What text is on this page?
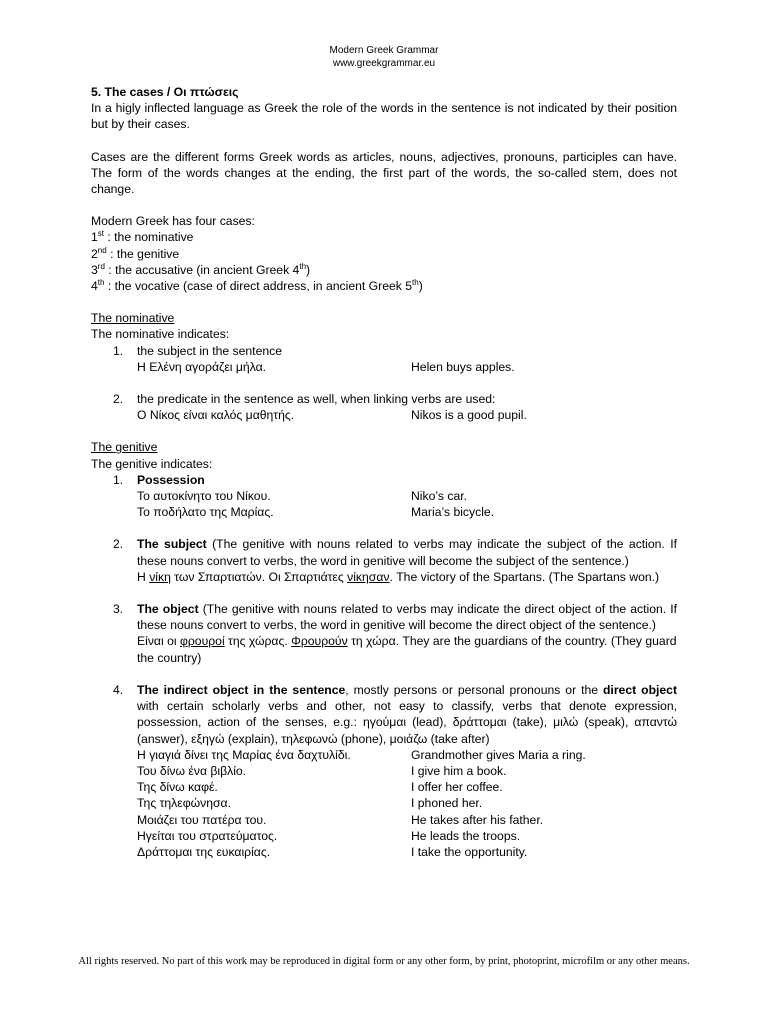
Modern Greek Grammar
www.greekgrammar.eu

5. The cases / Οι πτώσεις

In a higly inflected language as Greek the role of the words in the sentence is not indicated by their position but by their cases.

Cases are the different forms Greek words as articles, nouns, adjectives, pronouns, participles can have. The form of the words changes at the ending, the first part of the words, the so-called stem, does not change.

Modern Greek has four cases:

1st : the nominative

2nd : the genitive

3rd : the accusative (in ancient Greek 4th)

4th : the vocative (case of direct address, in ancient Greek 5th)

The nominative

The nominative indicates:

1. the subject in the sentence

Η Ελένη αγοράζει μήλα.	Helen buys apples.
2. the predicate in the sentence as well, when linking verbs are used:

Ο Νίκος είναι καλός μαθητής.	Nikos is a good pupil.

The genitive

The genitive indicates:

1. Possession

Το αυτοκίνητο του Νίκου.	Niko’s car.
Το ποδήλατο της Μαρίας.	Maria’s bicycle.
2. The subject (The genitive with nouns related to verbs may indicate the subject of the action. If these nouns convert to verbs, the word in genitive will become the subject of the sentence.)

Η νίκη των Σπαρτιατών. Οι Σπαρτιάτες νίκησαν. The victory of the Spartans. (The Spartans won.)

3. The object (The genitive with nouns related to verbs may indicate the direct object of the action. If these nouns convert to verbs, the word in genitive will become the direct object of the sentence.)

Είναι οι φρουροί της χώρας. Φρουρούν τη χώρα. They are the guardians of the country. (They guard the country)

4. The indirect object in the sentence, mostly persons or personal pronouns or the direct object with certain scholarly verbs and other, not easy to classify, verbs that denote expression, possession, action of the senses, e.g.: ηγούμαι (lead), δράττομαι (take), μιλώ (speak), απαντώ (answer), εξηγώ (explain), τηλεφωνώ (phone), μοιάζω (take after)

Η γιαγιά δίνει της Μαρίας ένα δαχτυλίδι.	Grandmother gives Maria a ring.
Του δίνω ένα βιβλίο.	I give him a book.
Της δίνω καφέ.	I offer her coffee.
Της τηλεφώνησα.	I phoned her.
Μοιάζει του πατέρα του.	He takes after his father.
Ηγείται του στρατεύματος.	He leads the troops.
Δράττομαι της ευκαιρίας.	I take the opportunity.
All rights reserved. No part of this work may be reproduced in digital form or any other form, by print, photoprint, microfilm or any other means.
